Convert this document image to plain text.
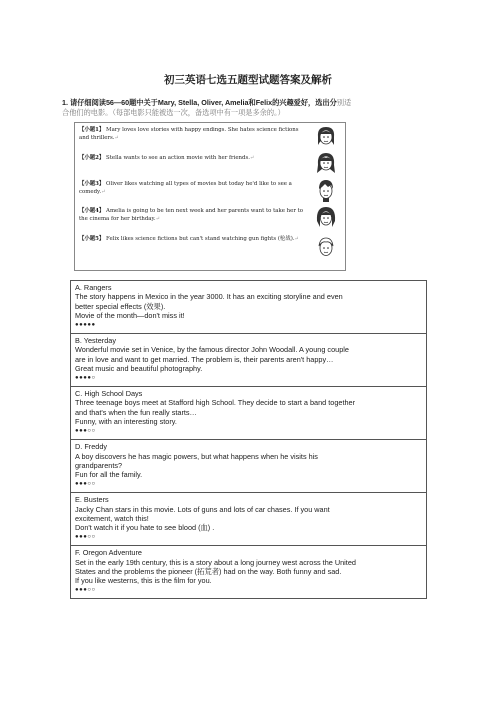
初三英语七选五题型试题答案及解析
1. 请仔细阅读56—60题中关于Mary, Stella, Oliver, Amelia和Felix的兴趣爱好，选出分别适
合他们的电影。（每部电影只能被选一次，备选项中有一项是多余的。）
【小题1】 Mary loves love stories with happy endings. She hates science fictions and thrillers.↵
【小题2】 Stella wants to see an action movie with her friends.↵
【小题3】 Oliver likes watching all types of movies but today he'd like to see a comedy.↵
【小题4】 Amelia is going to be ten next week and her parents want to take her to the cinema for her birthday.↵
【小题5】 Felix likes science fictions but can't stand watching gun fights (枪战).↵
A. Rangers
The story happens in Mexico in the year 3000. It has an exciting storyline and even
better special effects (效果).
Movie of the month—don't miss it!
●●●●●
B. Yesterday
Wonderful movie set in Venice, by the famous director John Woodall. A young couple
are in love and want to get married. The problem is, their parents aren't happy…
Great music and beautiful photography.
●●●●○
C. High School Days
Three teenage boys meet at Stafford high School. They decide to start a band together
and that's when the fun really starts…
Funny, with an interesting story.
●●●○○
D. Freddy
A boy discovers he has magic powers, but what happens when he visits his
grandparents?
Fun for all the family.
●●●○○
E. Busters
Jacky Chan stars in this movie. Lots of guns and lots of car chases. If you want
excitement, watch this!
Don't watch it if you hate to see blood (血) .
●●●○○
F. Oregon Adventure
Set in the early 19th century, this is a story about a long journey west across the United
States and the problems the pioneer (拓荒者) had on the way. Both funny and sad.
If you like westerns, this is the film for you.
●●●○○
